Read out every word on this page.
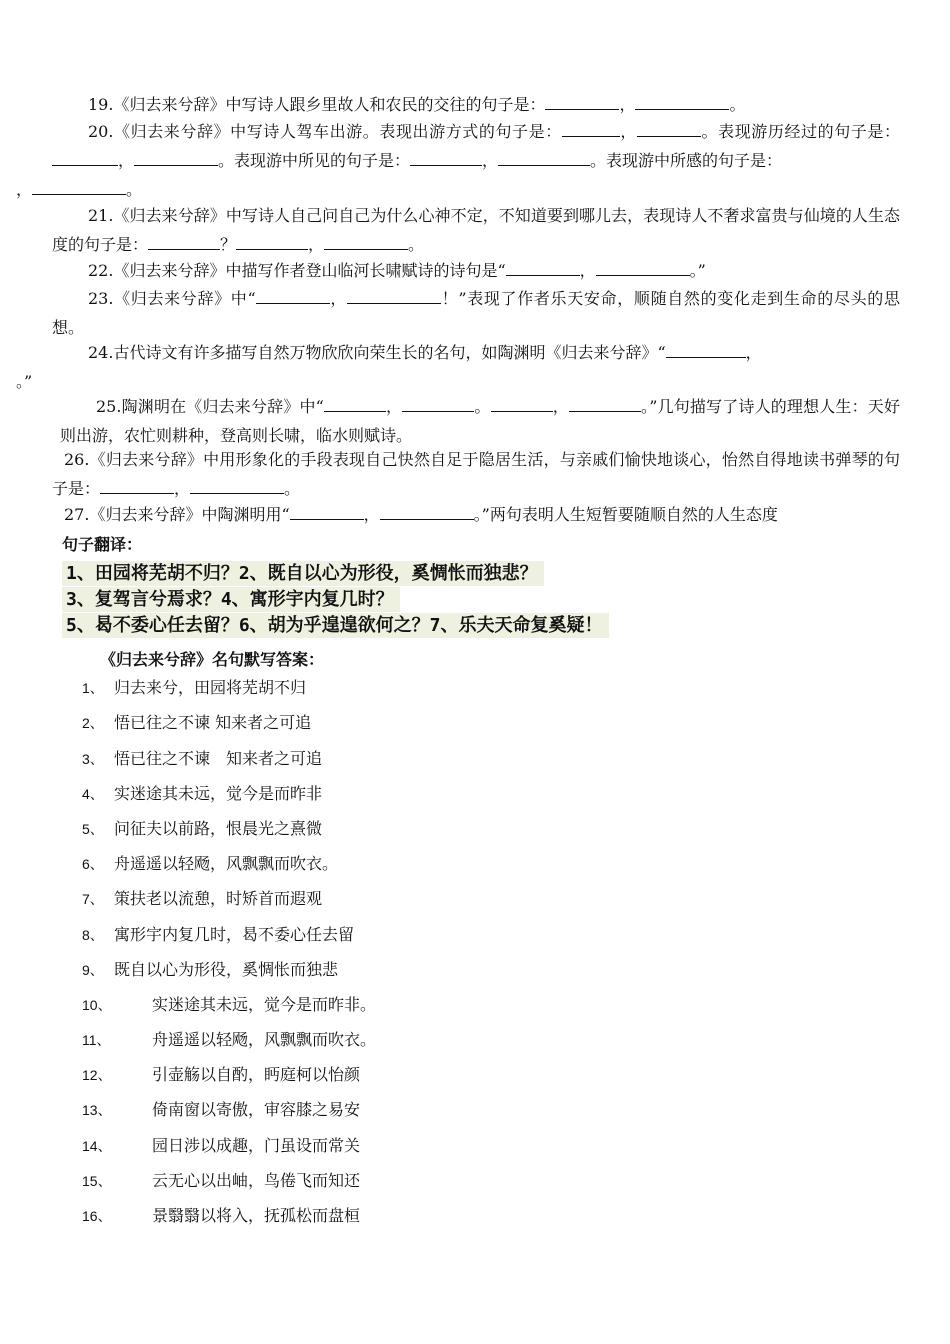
19.《归去来兮辞》中写诗人跟乡里故人和农民的交往的句子是：	，	。
20.《归去来兮辞》中写诗人驾车出游。表现出游方式的句子是：	，	。表现游历经过的句子是：，	。表现游中所见的句子是：	，	。表现游中所感的句子是：
，	。
21.《归去来兮辞》中写诗人自己问自己为什么心神不定，不知道要到哪儿去，表现诗人不奢求富贵与仙境的人生态度的句子是：	？	，	。
22.《归去来兮辞》中描写作者登山临河长啸赋诗的诗句是“	，	。”
23.《归去来兮辞》中“	，	！”表现了作者乐天安命，顺随自然的变化走到生命的尽头的思想。
24.古代诗文有许多描写自然万物欣欣向荣生长的名句，如陶渊明《归去来兮辞》“	，
。”
25.陶渊明在《归去来兮辞》中“	，	。	，	。”几句描写了诗人的理想人生：天好则出游，农忙则耕种，登高则长啸，临水则赋诗。
26.《归去来兮辞》中用形象化的手段表现自己快然自足于隐居生活，与亲戚们愉快地谈心，怡然自得地读书弹琴的句子是：	，	。
27.《归去来兮辞》中陶渊明用“	，	。”两句表明人生短暂要随顺自然的人生态度
句子翻译：
1、田园将芜胡不归？2、既自以心为形役，奚惆怅而独悲？
3、复驾言兮焉求？4、寓形宇内复几时？
5、曷不委心任去留？6、胡为乎遑遑欲何之？7、乐夫天命复奚疑！
《归去来兮辞》名句默写答案：
1、 归去来兮，田园将芜胡不归
2、 悟已往之不谏 知来者之可追
3、 悟已往之不谏　知来者之可追
4、 实迷途其未远，觉今是而昨非
5、 问征夫以前路，恨晨光之熹微
6、 舟遥遥以轻飏，风飘飘而吹衣。
7、 策扶老以流憩，时矫首而遐观
8、 寓形宇内复几时，曷不委心任去留
9、 既自以心为形役，奚惆怅而独悲
10、	实迷途其未远，觉今是而昨非。
11、	舟遥遥以轻飏，风飘飘而吹衣。
12、	引壶觞以自酌，眄庭柯以怡颜
13、	倚南窗以寄傲，审容膝之易安
14、	园日涉以成趣，门虽设而常关
15、	云无心以出岫，鸟倦飞而知还
16、	景翳翳以将入，抚孤松而盘桓
